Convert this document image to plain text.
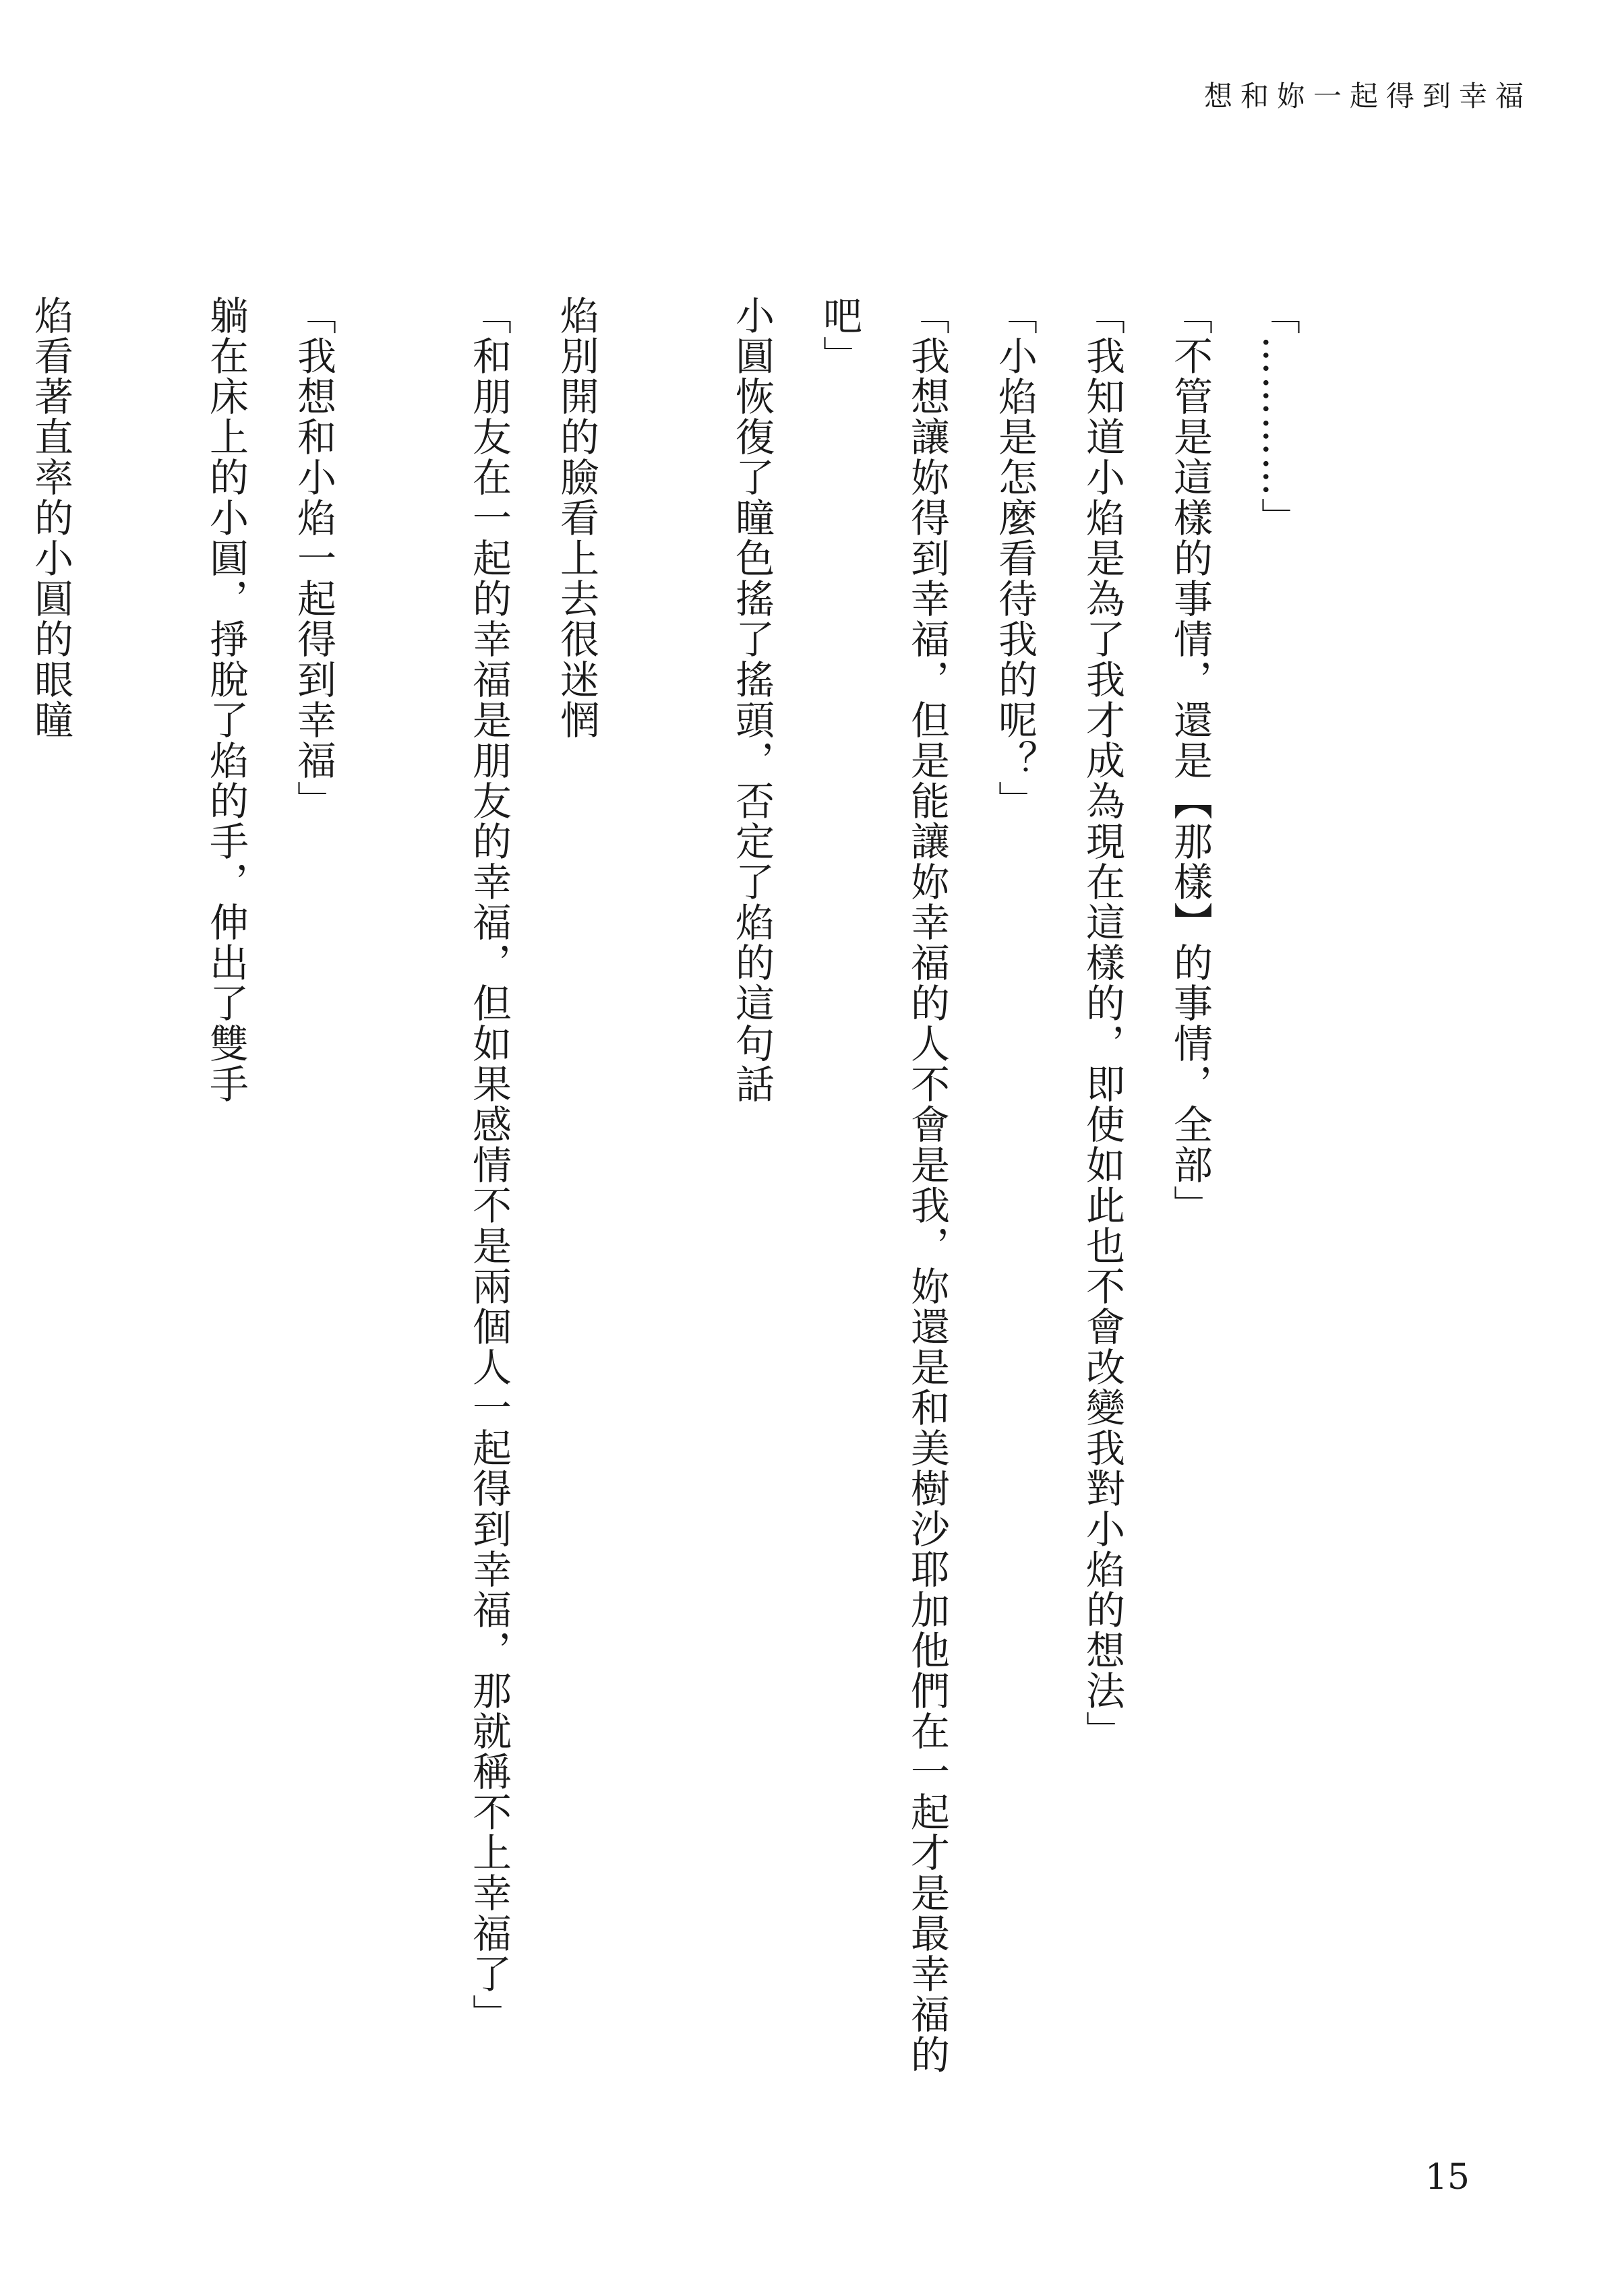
想和妳一起得到幸福

「…………」

「不管是這樣的事情，還是【那樣】的事情，全部」

「我知道小焰是為了我才成為現在這樣的，即使如此也不會改變我對小焰的想法」

「小焰是怎麼看待我的呢？」

「我想讓妳得到幸福，但是能讓妳幸福的人不會是我，妳還是和美樹沙耶加他們在一起才是最幸福的吧」

小圓恢復了瞳色搖了搖頭，否定了焰的這句話

焰別開的臉看上去很迷惘

「和朋友在一起的幸福是朋友的幸福，但如果感情不是兩個人一起得到幸福，那就稱不上幸福了」

「我想和小焰一起得到幸福」

躺在床上的小圓，掙脫了焰的手，伸出了雙手

焰看著直率的小圓的眼瞳

15
